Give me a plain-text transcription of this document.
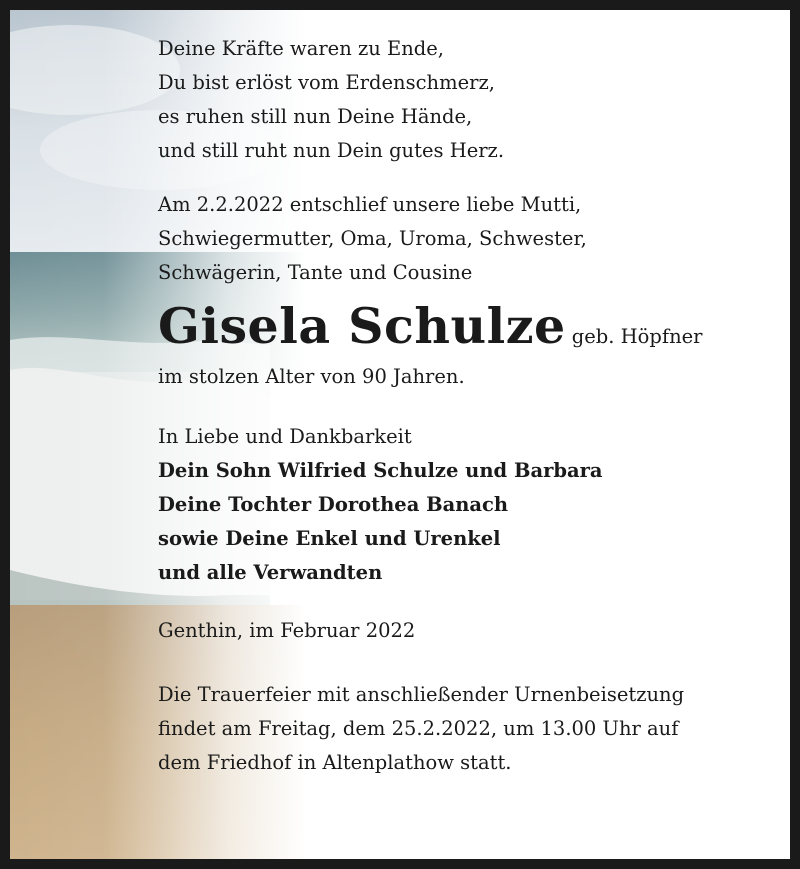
Deine Kräfte waren zu Ende,

Du bist erlöst vom Erdenschmerz,

es ruhen still nun Deine Hände,

und still ruht nun Dein gutes Herz.

Am 2.2.2022 entschlief unsere liebe Mutti,

Schwiegermutter, Oma, Uroma, Schwester,

Schwägerin, Tante und Cousine

Gisela Schulze geb. Höpfner

im stolzen Alter von 90 Jahren.

In Liebe und Dankbarkeit

Dein Sohn Wilfried Schulze und Barbara

Deine Tochter Dorothea Banach

sowie Deine Enkel und Urenkel

und alle Verwandten

Genthin, im Februar 2022

Die Trauerfeier mit anschließender Urnenbeisetzung

findet am Freitag, dem 25.2.2022, um 13.00 Uhr auf

dem Friedhof in Altenplathow statt.
